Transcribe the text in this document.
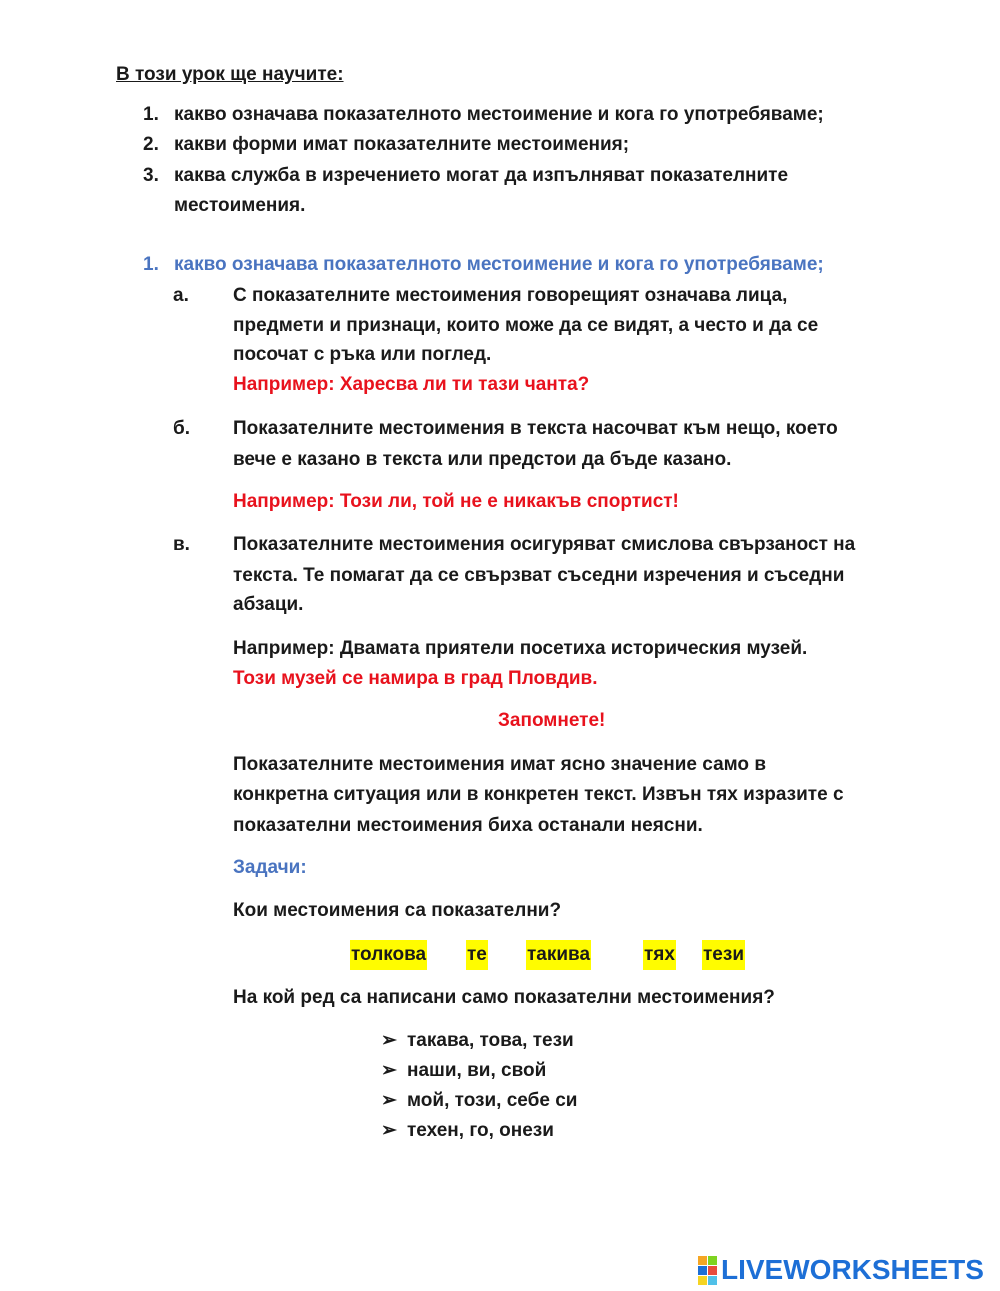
В този урок ще научите:
1. какво означава показателното местоимение и кога го употребяваме;
2. какви форми имат показателните местоимения;
3. каква служба в изречението могат да изпълняват показателните
местоимения.
1. какво означава показателното местоимение и кога го употребяваме;
а. С показателните местоимения говорещият означава лица,
предмети и признаци, които може да се видят, а често и да се
посочат с ръка или поглед.
Например: Харесва ли ти тази чанта?
б. Показателните местоимения в текста насочват към нещо, което
вече е казано в текста или предстои да бъде казано.
Например: Този ли, той не е никакъв спортист!
в. Показателните местоимения осигуряват смислова свързаност на
текста. Те помагат да се свързват съседни изречения и съседни
абзаци.
Например: Двамата приятели посетиха историческия музей.
Този музей се намира в град Пловдив.
Запомнете!
Показателните местоимения имат ясно значение само в
конкретна ситуация или в конкретен текст. Извън тях изразите с
показателни местоимения биха останали неясни.
Задачи:
Кои местоимения са показателни?
толкова те такива	тях тези
На кой ред са написани само показателни местоимения?
➢ такава, това, тези
➢ наши, ви, свой
➢ мой, този, себе си
➢ техен, го, онези
LIVEWORKSHEETS
